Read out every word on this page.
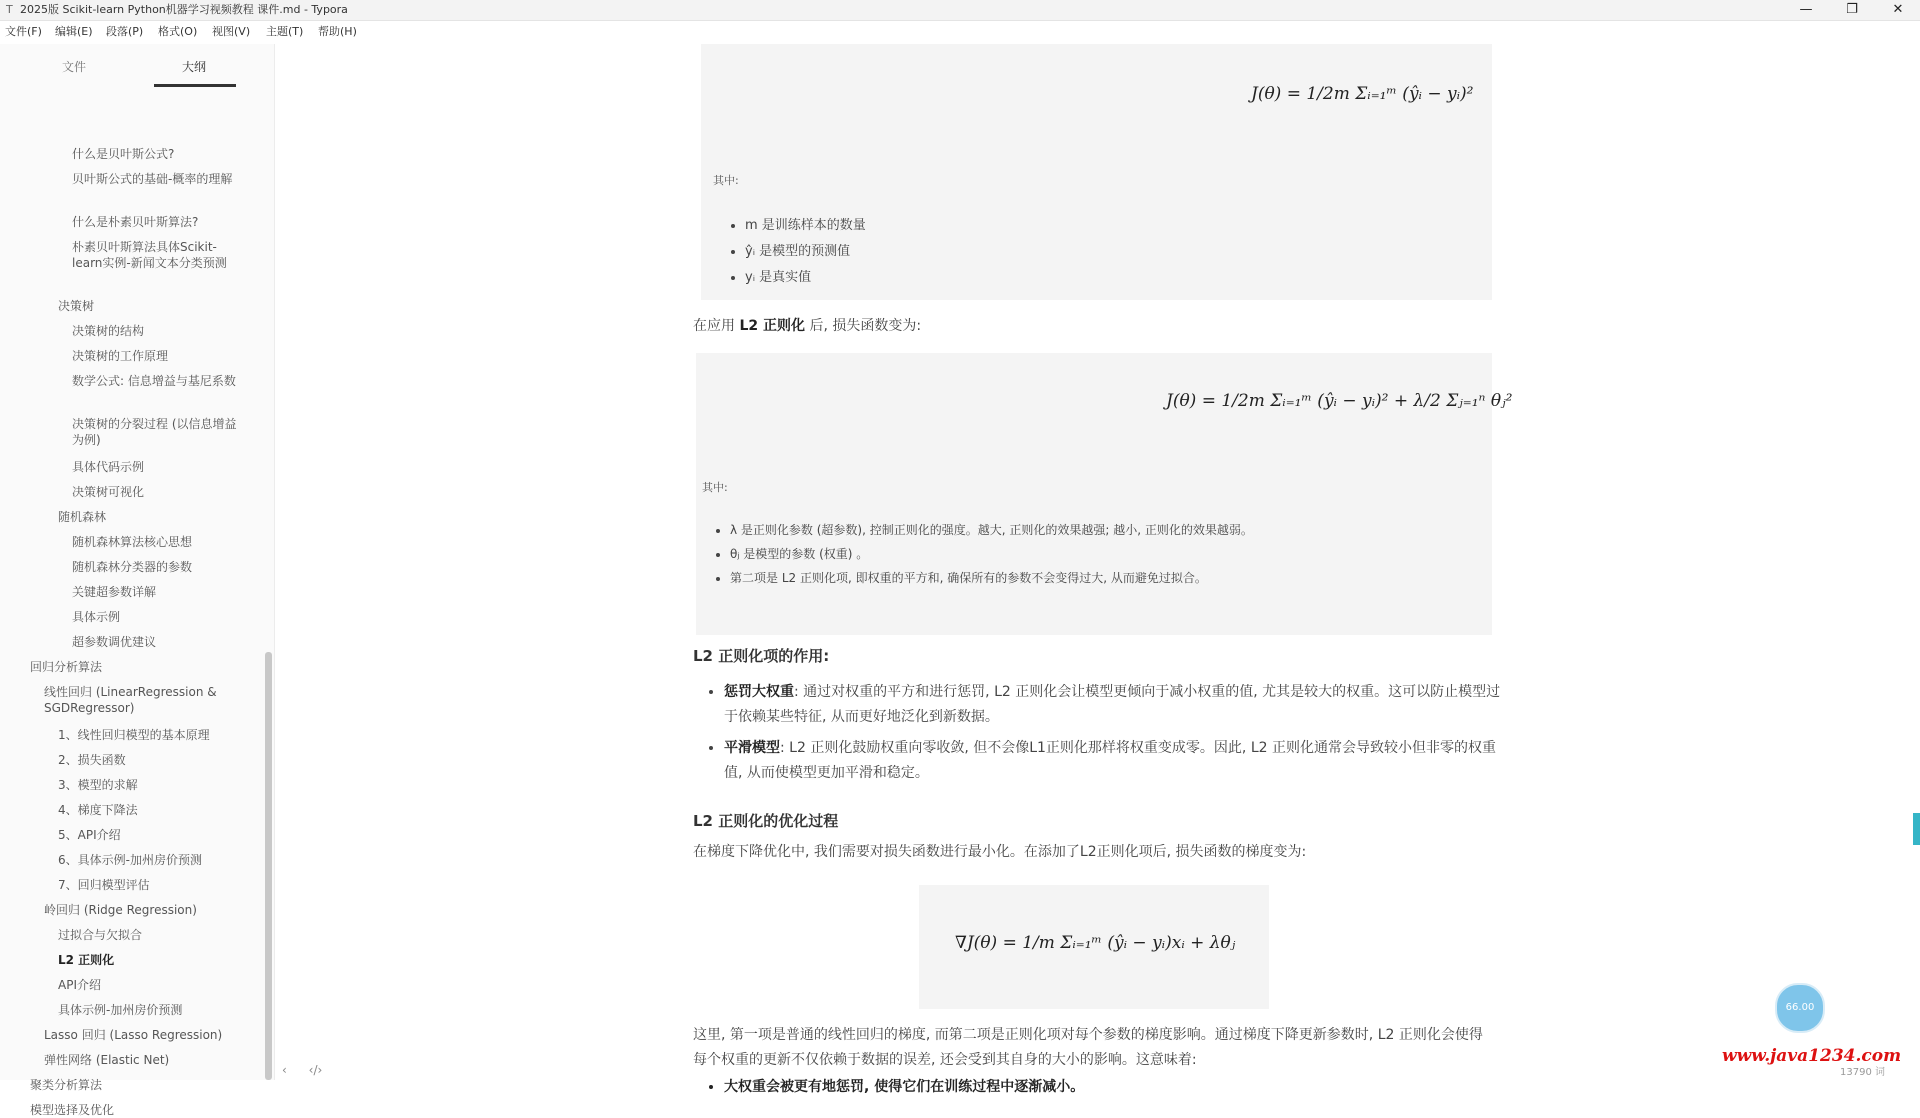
T 2025版 Scikit-learn Python机器学习视频教程 课件.md - Typora	—	❐	✕
文件(F) 编辑(E) 段落(P) 格式(O) 视图(V) 主题(T) 帮助(H)
文件	大纲
什么是贝叶斯公式?
贝叶斯公式的基础-概率的理解
什么是朴素贝叶斯算法?
朴素贝叶斯算法具体Scikit-learn实例-新闻文本分类预测
决策树
决策树的结构
决策树的工作原理
数学公式: 信息增益与基尼系数
决策树的分裂过程 (以信息增益为例)
具体代码示例
决策树可视化
随机森林
随机森林算法核心思想
随机森林分类器的参数
关键超参数详解
具体示例
超参数调优建议
回归分析算法
线性回归 (LinearRegression & SGDRegressor)
1、线性回归模型的基本原理
2、损失函数
3、模型的求解
4、梯度下降法
5、API介绍
6、具体示例-加州房价预测
7、回归模型评估
岭回归 (Ridge Regression)
过拟合与欠拟合
L2 正则化
API介绍
具体示例-加州房价预测
Lasso 回归 (Lasso Regression)
弹性网络 (Elastic Net)
聚类分析算法
模型选择及优化
‹ ‹/›
J(θ) = 1/2m Σᵢ₌₁ᵐ (ŷᵢ − yᵢ)²
其中:
• m 是训练样本的数量
• ŷᵢ 是模型的预测值
• yᵢ 是真实值
在应用 L2 正则化 后, 损失函数变为:
J(θ) = 1/2m Σᵢ₌₁ᵐ (ŷᵢ − yᵢ)² + λ/2 Σⱼ₌₁ⁿ θⱼ²
其中:
• λ 是正则化参数 (超参数), 控制正则化的强度。越大, 正则化的效果越强; 越小, 正则化的效果越弱。
• θⱼ 是模型的参数 (权重) 。
• 第二项是 L2 正则化项, 即权重的平方和, 确保所有的参数不会变得过大, 从而避免过拟合。
L2 正则化项的作用:
• 惩罚大权重: 通过对权重的平方和进行惩罚, L2 正则化会让模型更倾向于减小权重的值, 尤其是较大的权重。这可以防止模型过于依赖某些特征, 从而更好地泛化到新数据。
• 平滑模型: L2 正则化鼓励权重向零收敛, 但不会像L1正则化那样将权重变成零。因此, L2 正则化通常会导致较小但非零的权重值, 从而使模型更加平滑和稳定。
L2 正则化的优化过程
在梯度下降优化中, 我们需要对损失函数进行最小化。在添加了L2正则化项后, 损失函数的梯度变为:
∇J(θ) = 1/m Σᵢ₌₁ᵐ (ŷᵢ − yᵢ)xᵢ + λθⱼ
这里, 第一项是普通的线性回归的梯度, 而第二项是正则化项对每个参数的梯度影响。通过梯度下降更新参数时, L2 正则化会使得每个权重的更新不仅依赖于数据的误差, 还会受到其自身的大小的影响。这意味着:
• 大权重会被更有地惩罚, 使得它们在训练过程中逐渐减小。
66.00
www.java1234.com
13790 词
